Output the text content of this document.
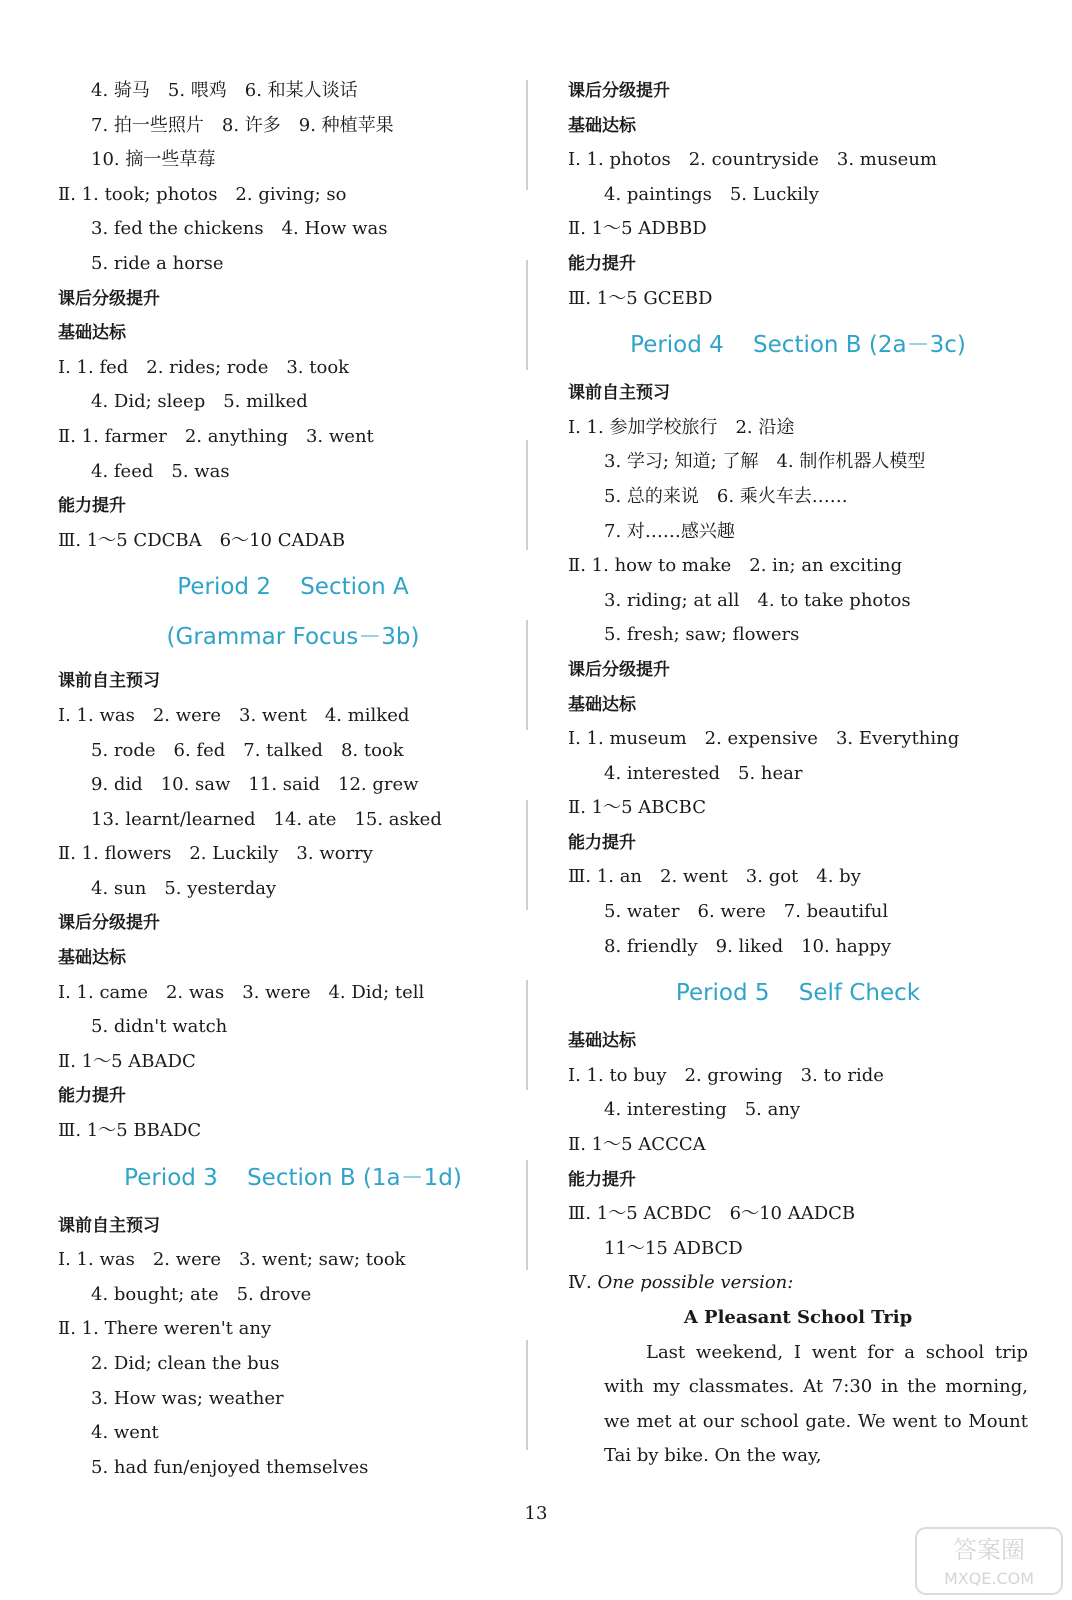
4. 骑马　5. 喂鸡　6. 和某人谈话
7. 拍一些照片　8. 许多　9. 种植苹果
10. 摘一些草莓
Ⅱ. 1. took; photos　2. giving; so
3. fed the chickens　4. How was
5. ride a horse
课后分级提升
基础达标
Ⅰ. 1. fed　2. rides; rode　3. took
4. Did; sleep　5. milked
Ⅱ. 1. farmer　2. anything　3. went
4. feed　5. was
能力提升
Ⅲ. 1～5 CDCBA　6～10 CADAB
Period 2    Section A
(Grammar Focus－3b)
课前自主预习
Ⅰ. 1. was　2. were　3. went　4. milked
5. rode　6. fed　7. talked　8. took
9. did　10. saw　11. said　12. grew
13. learnt/learned　14. ate　15. asked
Ⅱ. 1. flowers　2. Luckily　3. worry
4. sun　5. yesterday
课后分级提升
基础达标
Ⅰ. 1. came　2. was　3. were　4. Did; tell
5. didn't watch
Ⅱ. 1～5 ABADC
能力提升
Ⅲ. 1～5 BBADC
Period 3    Section B (1a－1d)
课前自主预习
Ⅰ. 1. was　2. were　3. went; saw; took
4. bought; ate　5. drove
Ⅱ. 1. There weren't any
2. Did; clean the bus
3. How was; weather
4. went
5. had fun/enjoyed themselves
课后分级提升
基础达标
Ⅰ. 1. photos　2. countryside　3. museum
4. paintings　5. Luckily
Ⅱ. 1～5 ADBBD
能力提升
Ⅲ. 1～5 GCEBD
Period 4    Section B (2a－3c)
课前自主预习
Ⅰ. 1. 参加学校旅行　2. 沿途
3. 学习; 知道; 了解　4. 制作机器人模型
5. 总的来说　6. 乘火车去……
7. 对……感兴趣
Ⅱ. 1. how to make　2. in; an exciting
3. riding; at all　4. to take photos
5. fresh; saw; flowers
课后分级提升
基础达标
Ⅰ. 1. museum　2. expensive　3. Everything
4. interested　5. hear
Ⅱ. 1～5 ABCBC
能力提升
Ⅲ. 1. an　2. went　3. got　4. by
5. water　6. were　7. beautiful
8. friendly　9. liked　10. happy
Period 5    Self Check
基础达标
Ⅰ. 1. to buy　2. growing　3. to ride
4. interesting　5. any
Ⅱ. 1～5 ACCCA
能力提升
Ⅲ. 1～5 ACBDC　6～10 AADCB
11～15 ADBCD
Ⅳ. One possible version:
A Pleasant School Trip

Last weekend, I went for a school trip with my classmates. At 7:30 in the morning, we met at our school gate. We went to Mount Tai by bike. On the way,

13
答案圈
MXQE.COM
